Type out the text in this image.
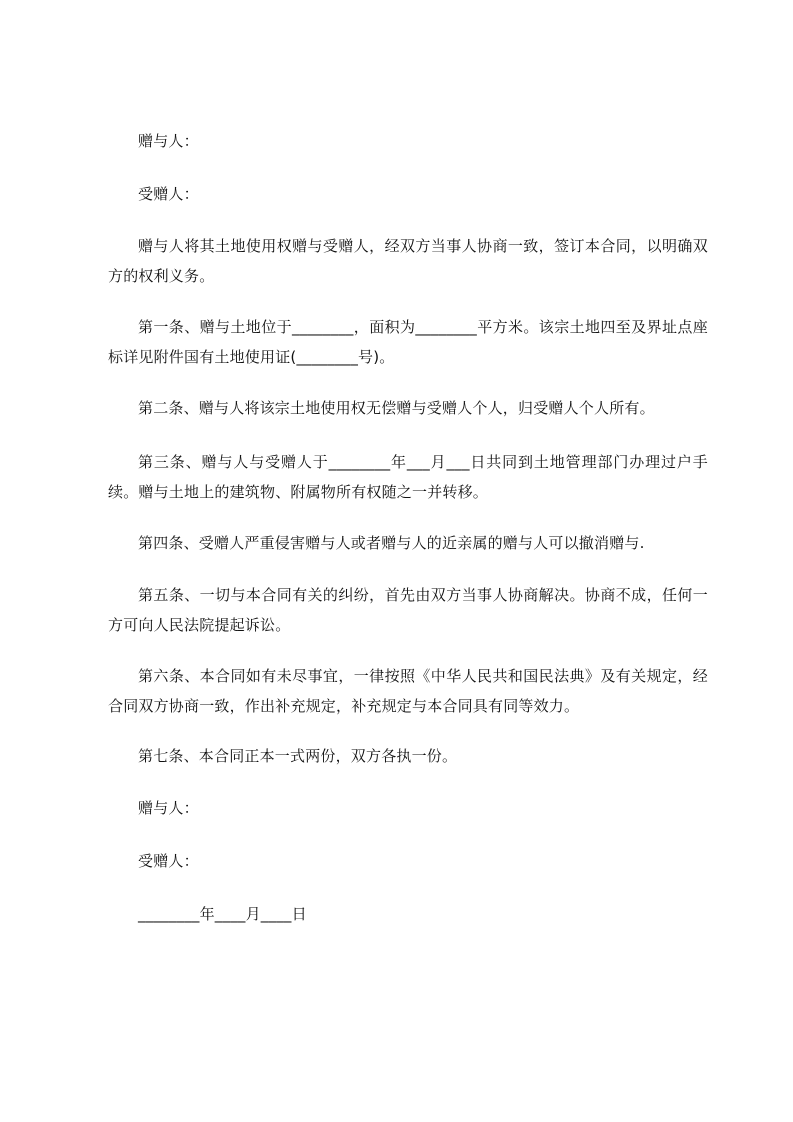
赠与人：

受赠人：

赠与人将其土地使用权赠与受赠人，经双方当事人协商一致，签订本合同，以明确双方的权利义务。

第一条、赠与土地位于________，面积为________平方米。该宗土地四至及界址点座标详见附件国有土地使用证(________号)。

第二条、赠与人将该宗土地使用权无偿赠与受赠人个人，归受赠人个人所有。

第三条、赠与人与受赠人于________年___月___日共同到土地管理部门办理过户手续。赠与土地上的建筑物、附属物所有权随之一并转移。

第四条、受赠人严重侵害赠与人或者赠与人的近亲属的赠与人可以撤消赠与.

第五条、一切与本合同有关的纠纷，首先由双方当事人协商解决。协商不成，任何一方可向人民法院提起诉讼。

第六条、本合同如有未尽事宜，一律按照《中华人民共和国民法典》及有关规定，经合同双方协商一致，作出补充规定，补充规定与本合同具有同等效力。

第七条、本合同正本一式两份，双方各执一份。

赠与人：

受赠人：

________年____月____日
